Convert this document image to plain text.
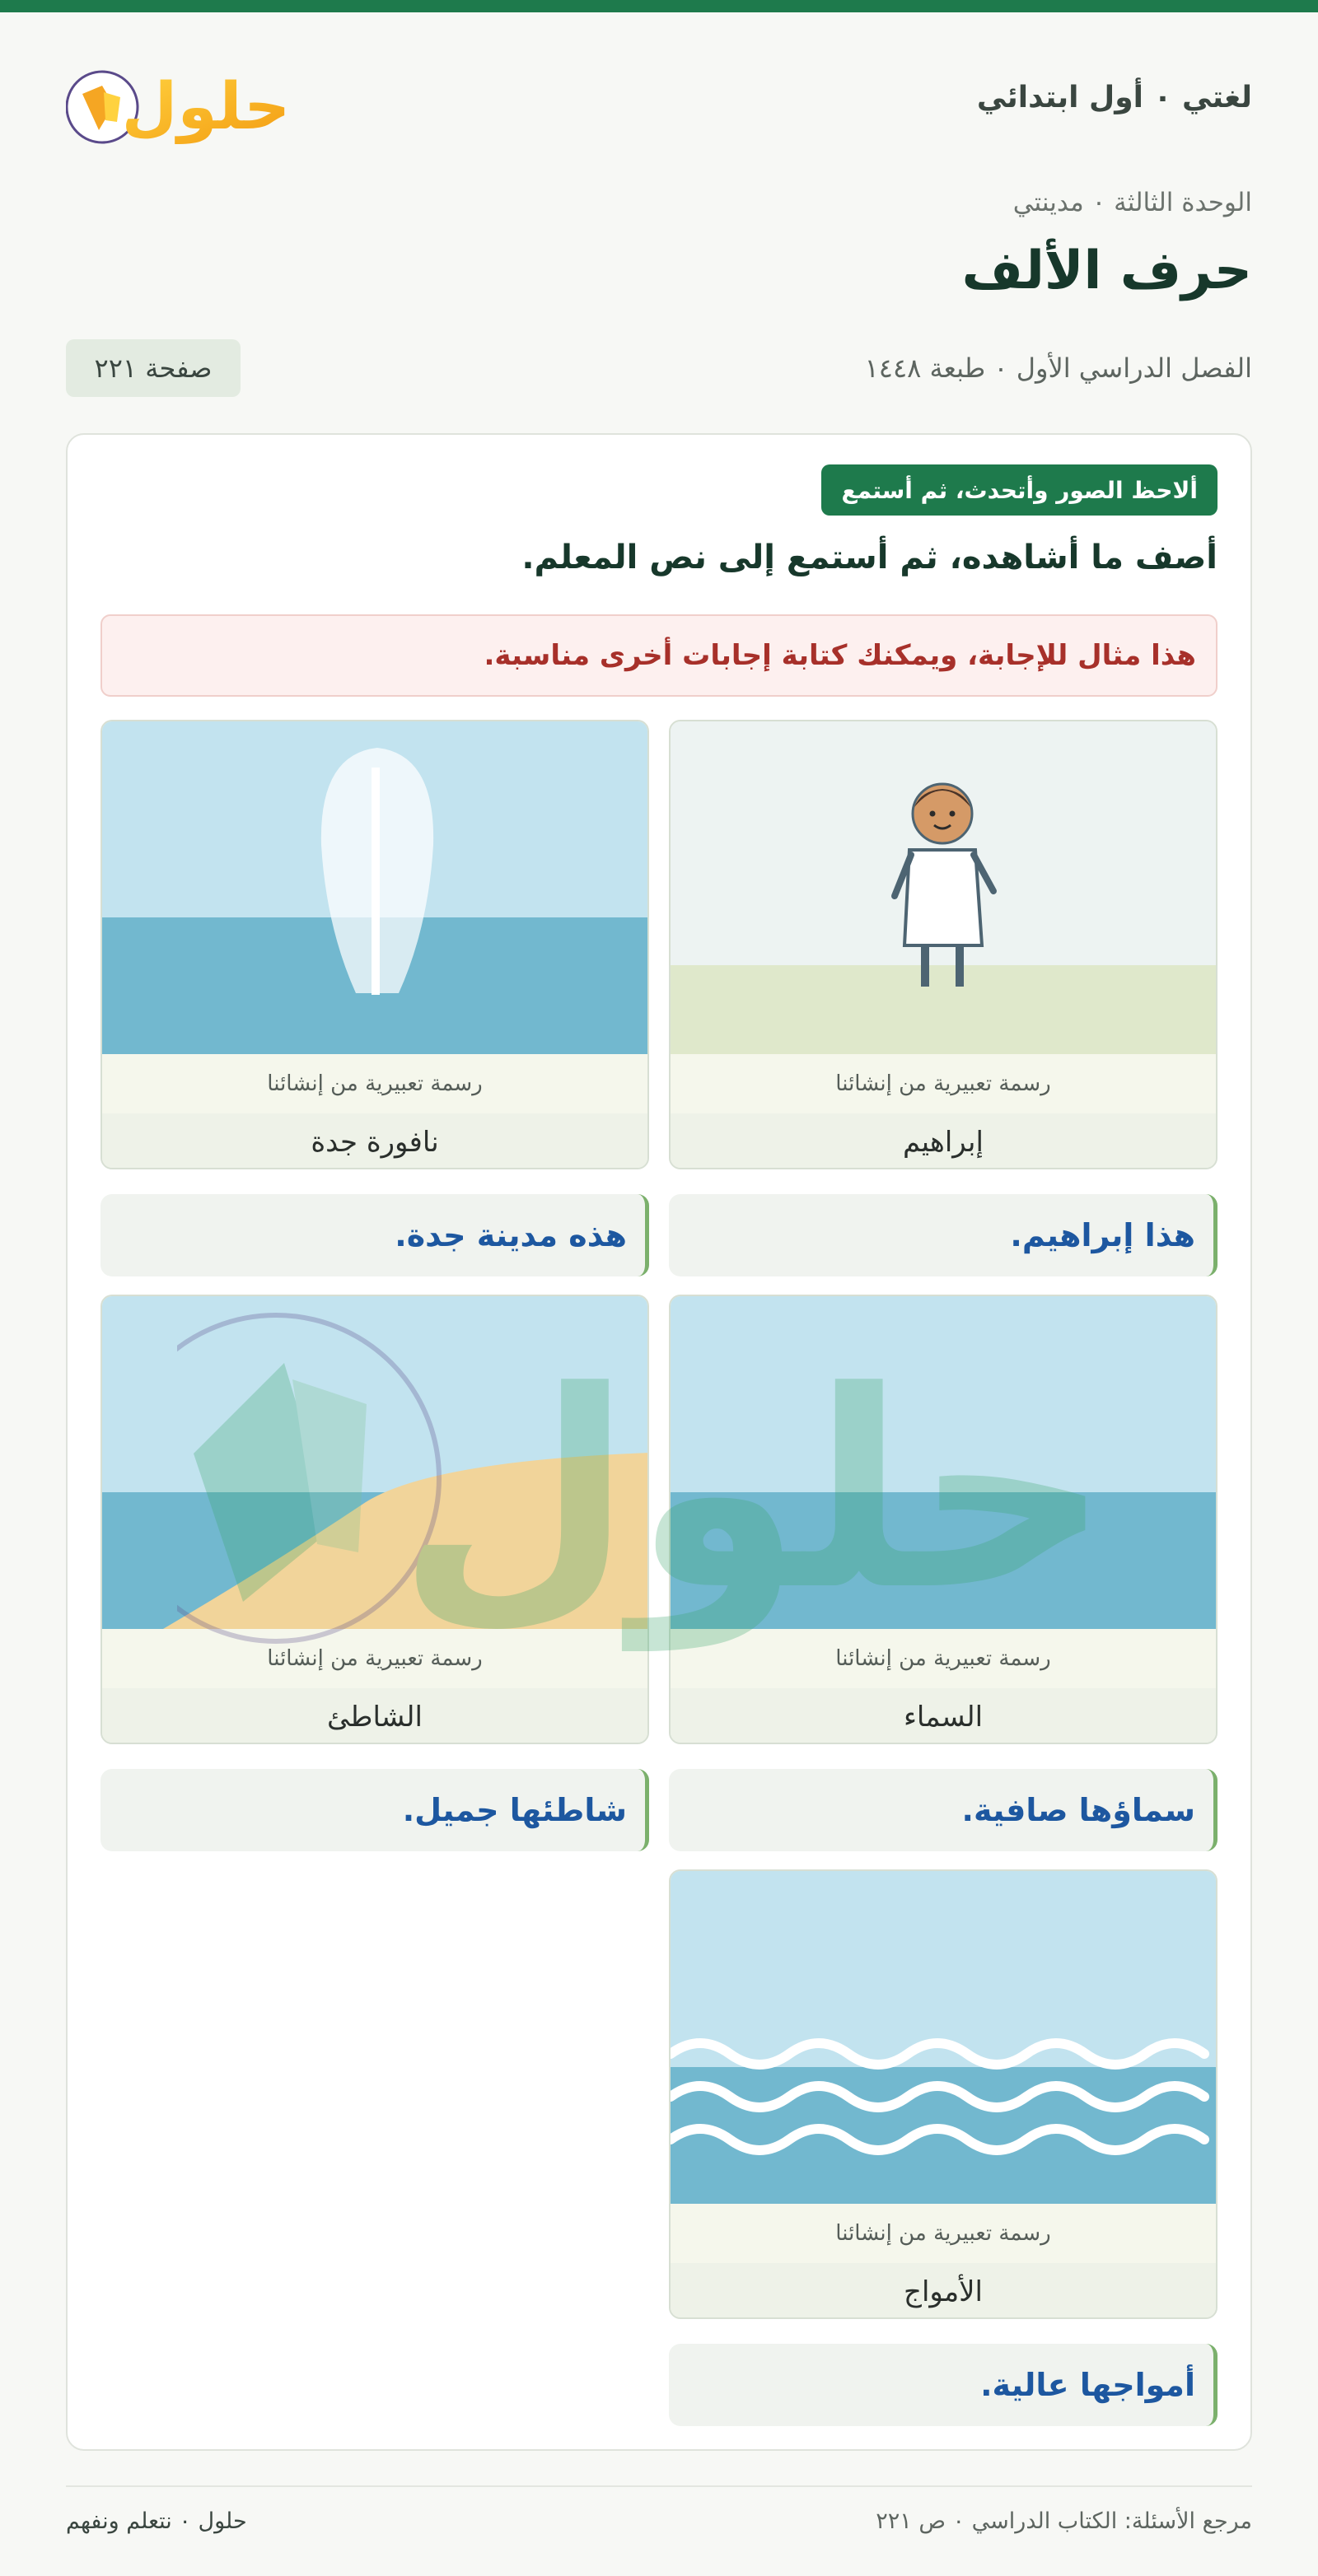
حلول	لغتي ٠ أول ابتدائي
الوحدة الثالثة ٠ مدينتي
حرف الألف
الفصل الدراسي الأول ٠ طبعة ١٤٤٨
صفحة ٢٢١
ألاحظ الصور وأتحدث، ثم أستمع
أصف ما أشاهده، ثم أستمع إلى نص المعلم.
هذا مثال للإجابة، ويمكنك كتابة إجابات أخرى مناسبة.
رسمة تعبيرية من إنشائنا
إبراهيم
رسمة تعبيرية من إنشائنا
نافورة جدة
هذا إبراهيم.
هذه مدينة جدة.
رسمة تعبيرية من إنشائنا
السماء
رسمة تعبيرية من إنشائنا
الشاطئ
سماؤها صافية.
شاطئها جميل.
رسمة تعبيرية من إنشائنا
الأمواج
أمواجها عالية.
حلول
مرجع الأسئلة: الكتاب الدراسي ٠ ص ٢٢١
حلول ٠ نتعلم ونفهم
